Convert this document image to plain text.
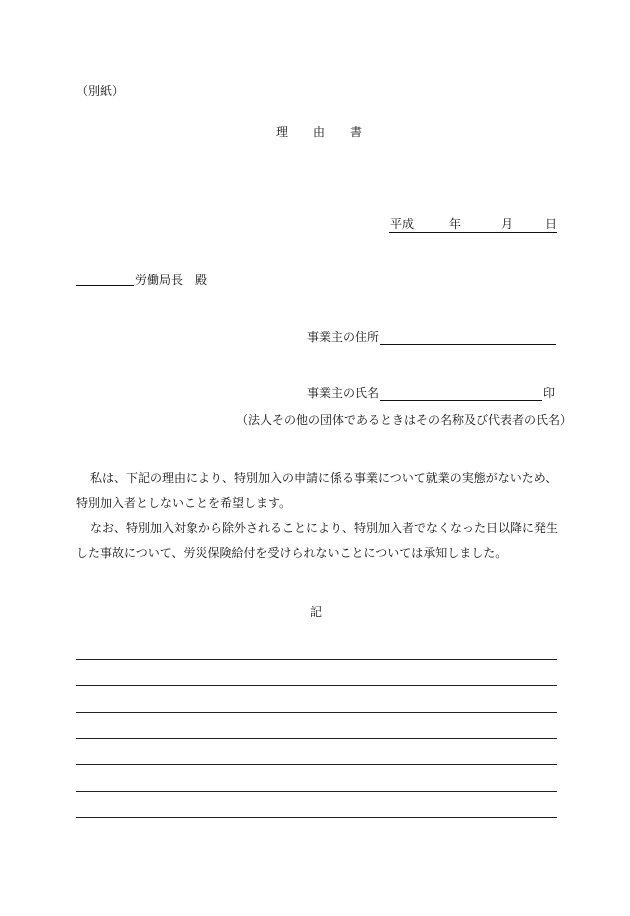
（別紙）
理 由 書
平成	年	月	日
労働局長　殿
事業主の住所
事業主の氏名	印
（法人その他の団体であるときはその名称及び代表者の氏名）
私は、下記の理由により、特別加入の申請に係る事業について就業の実態がないため、
特別加入者としないことを希望します。
なお、特別加入対象から除外されることにより、特別加入者でなくなった日以降に発生
した事故について、労災保険給付を受けられないことについては承知しました。
記
